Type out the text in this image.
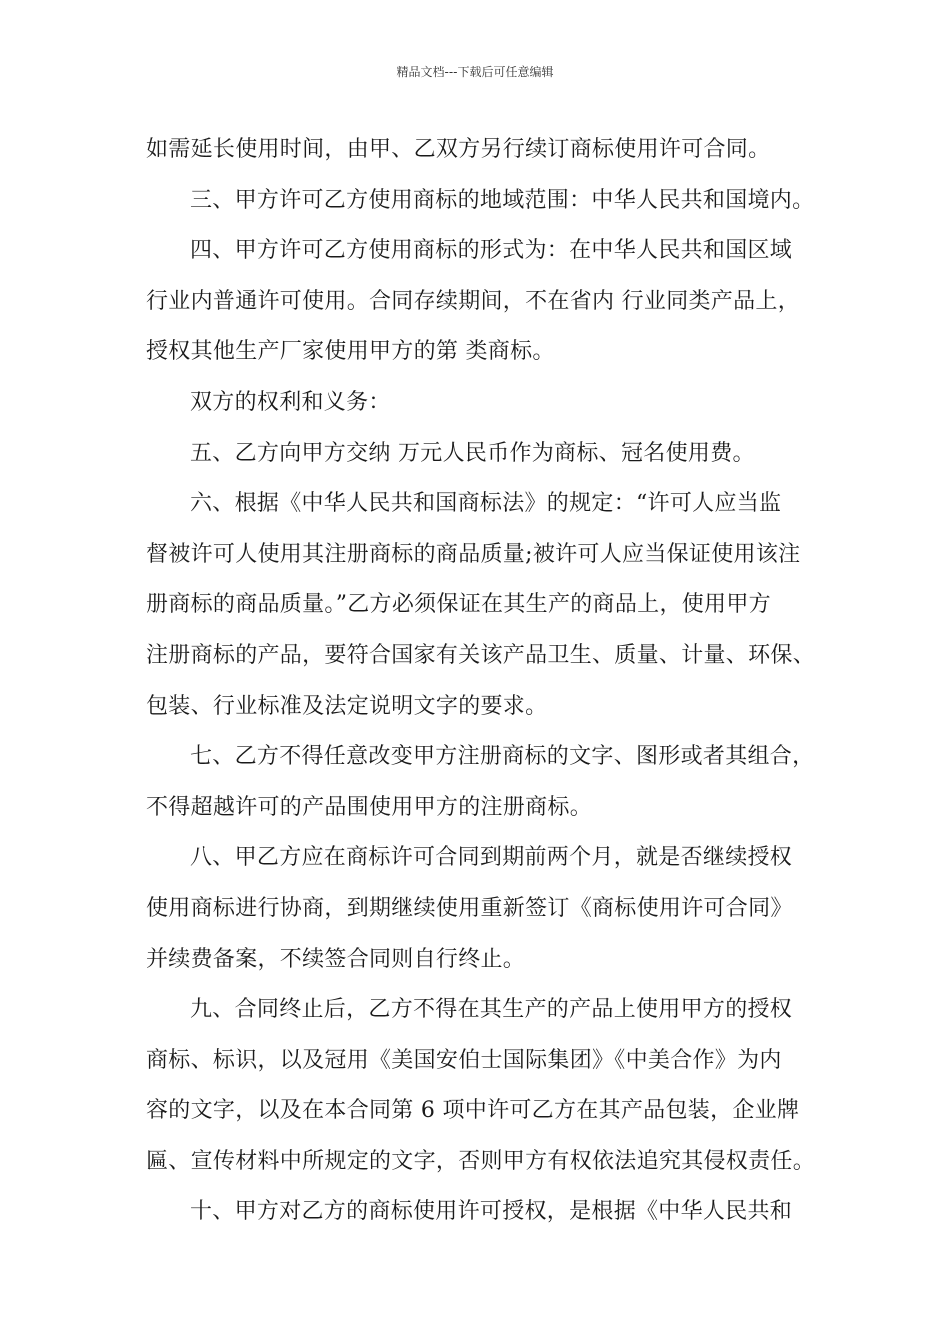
精品文档---下载后可任意编辑
如需延长使用时间，由甲、乙双方另行续订商标使用许可合同。
三、甲方许可乙方使用商标的地域范围：中华人民共和国境内。
四、甲方许可乙方使用商标的形式为：在中华人民共和国区域
行业内普通许可使用。合同存续期间，不在省内 行业同类产品上，
授权其他生产厂家使用甲方的第 类商标。
双方的权利和义务：
五、乙方向甲方交纳 万元人民币作为商标、冠名使用费。
六、根据《中华人民共和国商标法》的规定：“许可人应当监
督被许可人使用其注册商标的商品质量;被许可人应当保证使用该注
册商标的商品质量。”乙方必须保证在其生产的商品上，使用甲方
注册商标的产品，要符合国家有关该产品卫生、质量、计量、环保、
包装、行业标准及法定说明文字的要求。
七、乙方不得任意改变甲方注册商标的文字、图形或者其组合，
不得超越许可的产品围使用甲方的注册商标。
八、甲乙方应在商标许可合同到期前两个月，就是否继续授权
使用商标进行协商，到期继续使用重新签订《商标使用许可合同》
并续费备案，不续签合同则自行终止。
九、合同终止后，乙方不得在其生产的产品上使用甲方的授权
商标、标识，以及冠用《美国安伯士国际集团》《中美合作》为内
容的文字，以及在本合同第 6 项中许可乙方在其产品包装，企业牌
匾、宣传材料中所规定的文字，否则甲方有权依法追究其侵权责任。
十、甲方对乙方的商标使用许可授权，是根据《中华人民共和
